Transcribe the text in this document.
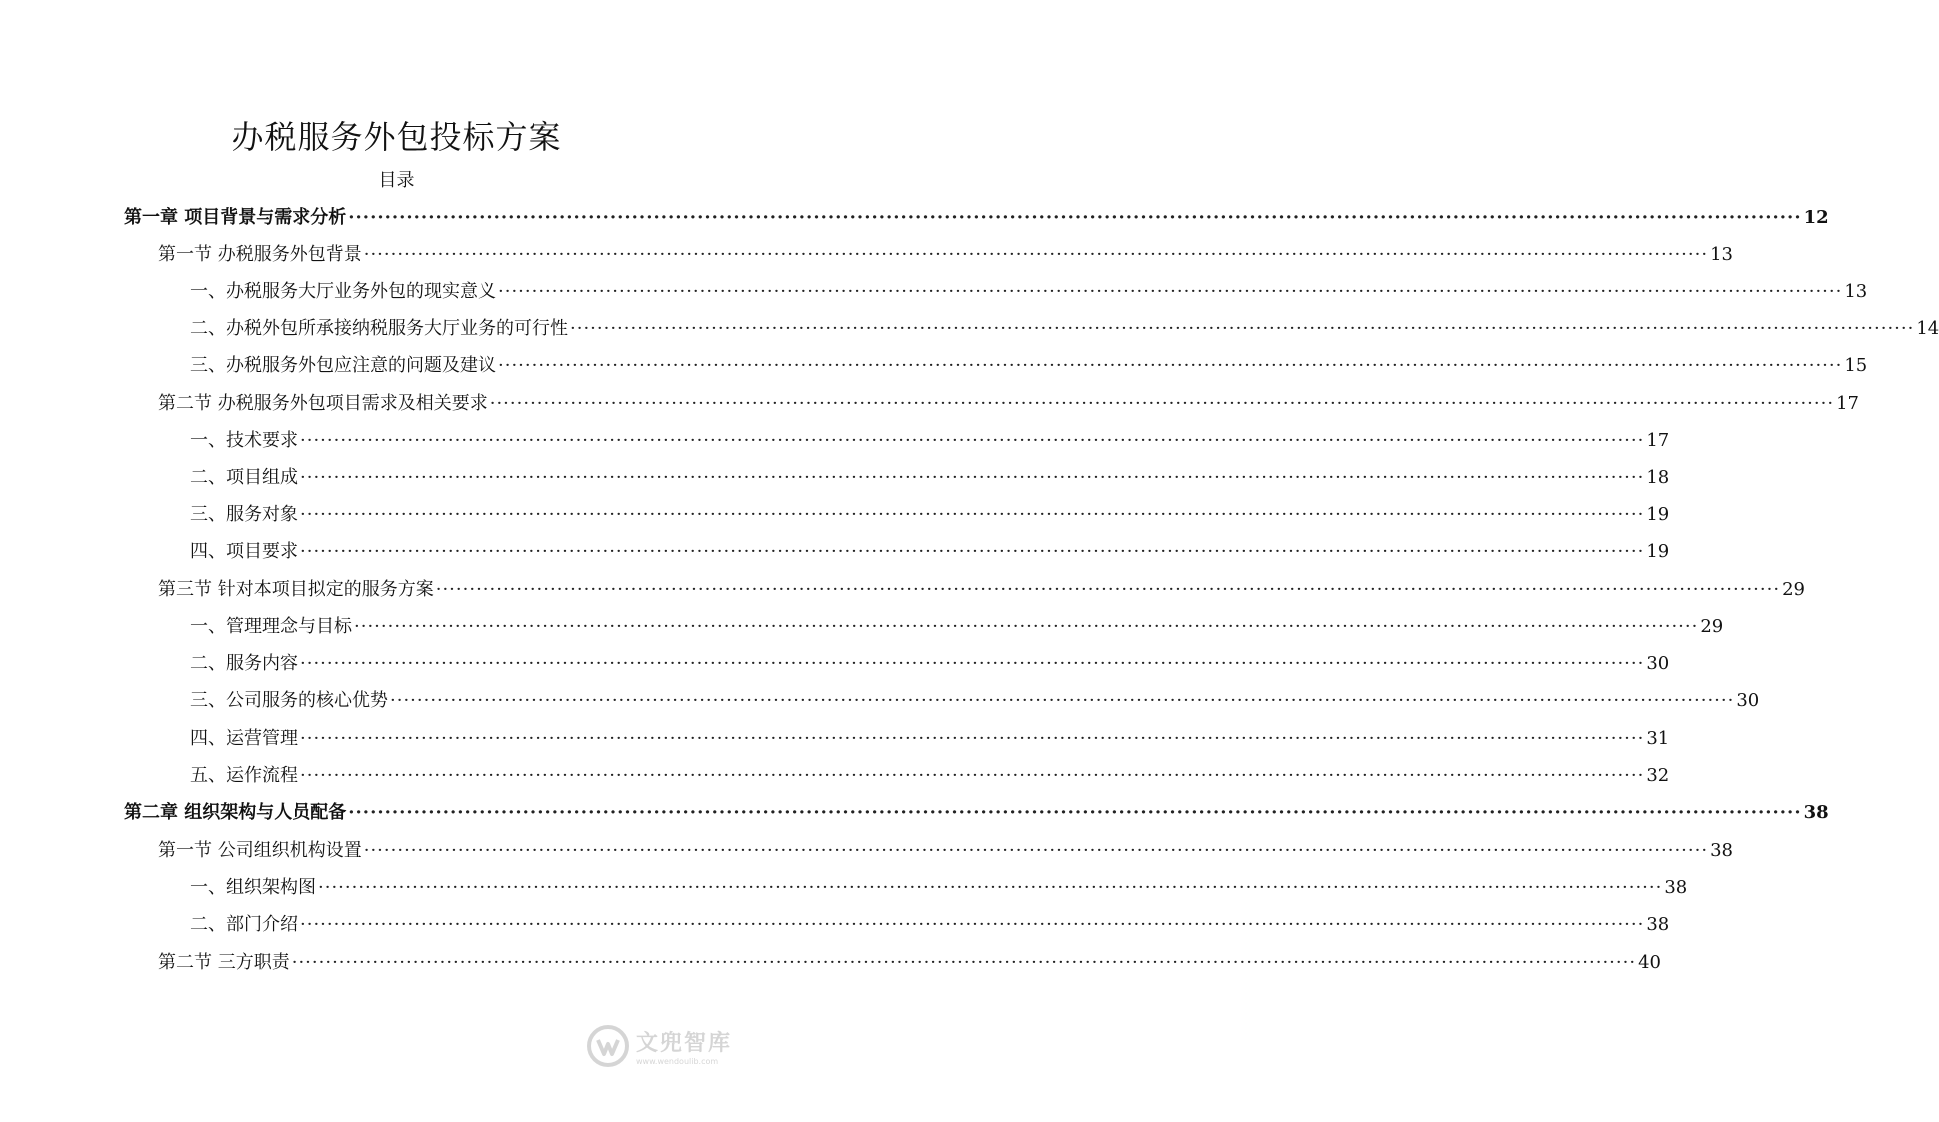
办税服务外包投标方案
目录
第一章 项目背景与需求分析 ········································································································································································································ 12
第一节 办税服务外包背景 ········································································································································································································ 13
一、办税服务大厅业务外包的现实意义 ········································································································································································································ 13
二、办税外包所承接纳税服务大厅业务的可行性 ········································································································································································································ 14
三、办税服务外包应注意的问题及建议 ········································································································································································································ 15
第二节 办税服务外包项目需求及相关要求 ········································································································································································································ 17
一、技术要求 ········································································································································································································ 17
二、项目组成 ········································································································································································································ 18
三、服务对象 ········································································································································································································ 19
四、项目要求 ········································································································································································································ 19
第三节 针对本项目拟定的服务方案 ········································································································································································································ 29
一、管理理念与目标 ········································································································································································································ 29
二、服务内容 ········································································································································································································ 30
三、公司服务的核心优势 ········································································································································································································ 30
四、运营管理 ········································································································································································································ 31
五、运作流程 ········································································································································································································ 32
第二章 组织架构与人员配备 ········································································································································································································ 38
第一节 公司组织机构设置 ········································································································································································································ 38
一、组织架构图 ········································································································································································································ 38
二、部门介绍 ········································································································································································································ 38
第二节 三方职责 ········································································································································································································ 40
文兜智库
www.wendoulib.com
